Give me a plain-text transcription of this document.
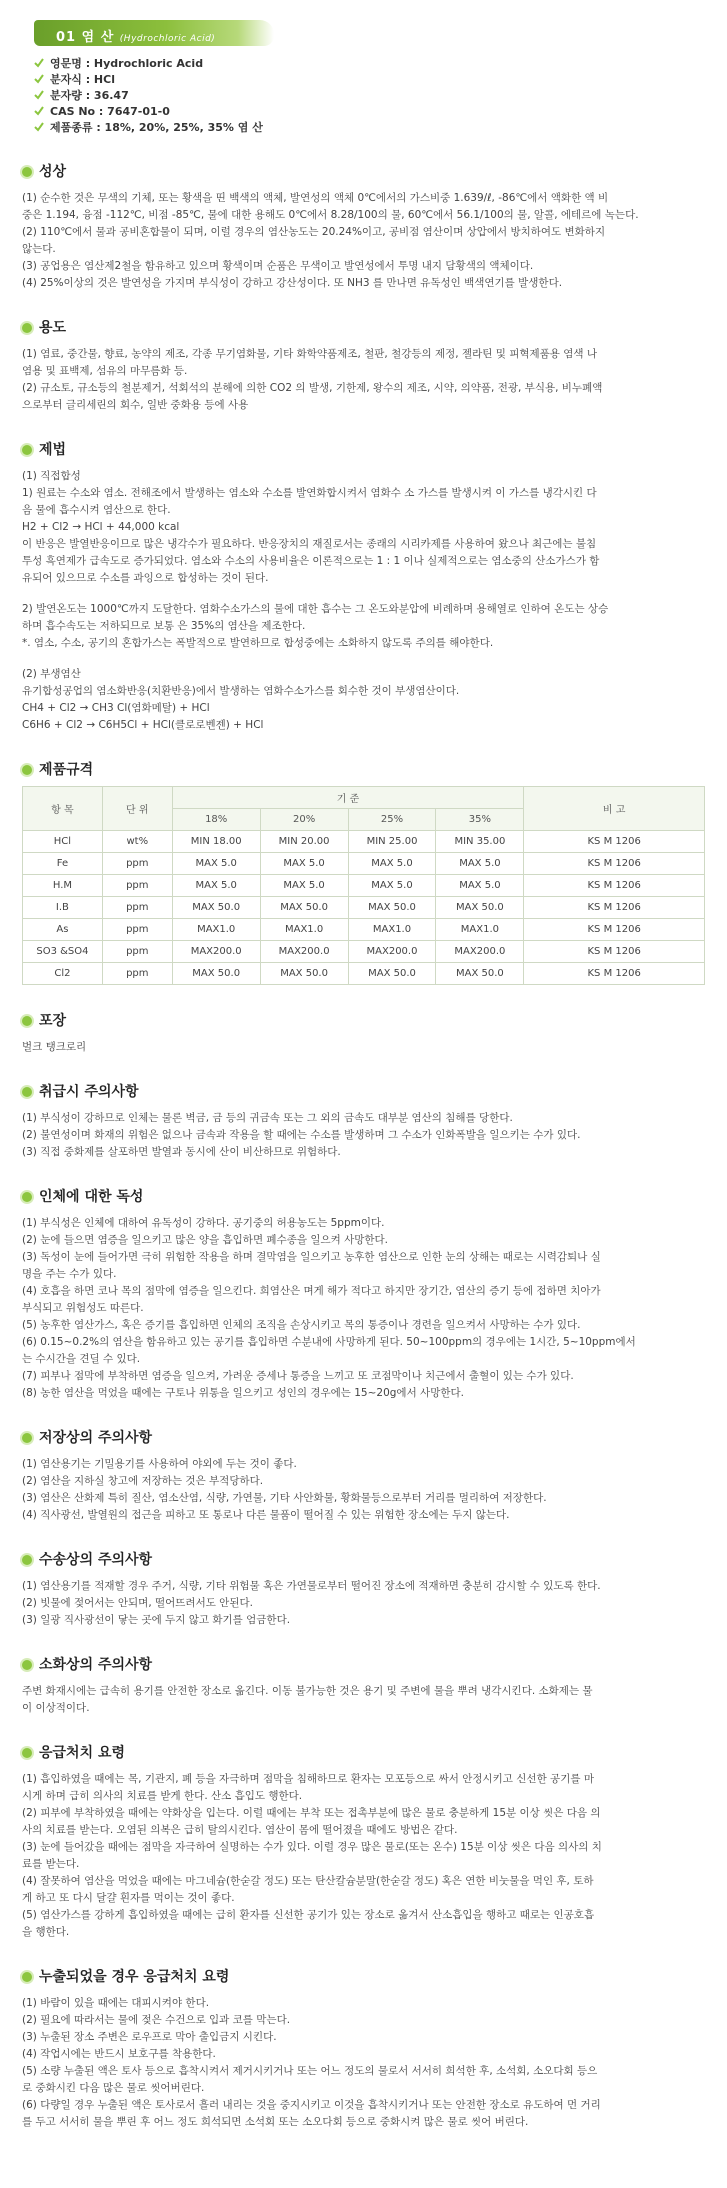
01 염 산 (Hydrochloric Acid)
영문명 : Hydrochloric Acid
분자식 : HCl
분자량 : 36.47
CAS No : 7647-01-0
제품종류 : 18%, 20%, 25%, 35% 염 산
성상
(1) 순수한 것은 무색의 기체, 또는 황색을 띤 백색의 액체, 발연성의 액체 0℃에서의 가스비중 1.639/ℓ, -86℃에서 액화한 액 비
중은 1.194, 융점 -112℃, 비점 -85℃, 물에 대한 용해도 0℃에서 8.28/100의 물, 60℃에서 56.1/100의 물, 알콜, 에테르에 녹는다.
(2) 110℃에서 물과 공비혼합물이 되며, 이럴 경우의 염산농도는 20.24%이고, 공비점 염산이며 상압에서 방치하여도 변화하지
않는다.
(3) 공업용은 염산제2철을 함유하고 있으며 황색이며 순품은 무색이고 발연성에서 투명 내지 담황색의 액체이다.
(4) 25%이상의 것은 발연성을 가지며 부식성이 강하고 강산성이다. 또 NH3 를 만나면 유독성인 백색연기를 발생한다.
용도
(1) 염료, 중간물, 향료, 농약의 제조, 각종 무기염화물, 기타 화학약품제조, 철판, 철강등의 제정, 젤라틴 및 피혁제품용 염색 나
염용 및 표백제, 섬유의 마무름화 등.
(2) 규소토, 규소등의 철분제거, 석회석의 분해에 의한 CO2 의 발생, 기한제, 왕수의 제조, 시약, 의약품, 전광, 부식용, 비누폐액
으로부터 글리세린의 회수, 일반 중화용 등에 사용
제법
(1) 직접합성
1) 원료는 수소와 염소. 전해조에서 발생하는 염소와 수소를 발연화합시켜서 염화수 소 가스를 발생시켜 이 가스를 냉각시킨 다
음 물에 흡수시켜 염산으로 한다.
H2 + Cl2 → HCl + 44,000 kcal
이 반응은 발열반응이므로 많은 냉각수가 필요하다. 반응장치의 재질로서는 종래의 시리카제를 사용하여 왔으나 최근에는 불침
투성 흑연제가 급속도로 증가되었다. 염소와 수소의 사용비율은 이론적으로는 1 : 1 이나 실제적으로는 염소중의 산소가스가 함
유되어 있으므로 수소를 과잉으로 합성하는 것이 된다.
2) 발연온도는 1000℃까지 도달한다. 염화수소가스의 물에 대한 흡수는 그 온도와분압에 비례하며 용해열로 인하여 온도는 상승
하며 흡수속도는 저하되므로 보통 은 35%의 염산을 제조한다.
*. 염소, 수소, 공기의 혼합가스는 폭발적으로 발연하므로 합성중에는 소화하지 않도록 주의를 해야한다.
(2) 부생염산
유기합성공업의 염소화반응(치환반응)에서 발생하는 염화수소가스를 회수한 것이 부생염산이다.
CH4 + Cl2 → CH3 Cl(염화메탈) + HCl
C6H6 + Cl2 → C6H5Cl + HCl(클로로벤젠) + HCl
제품규격
항 목	단 위	기 준				비 고
		18%	20%	25%	35%	
HCl	wt%	MIN 18.00	MIN 20.00	MIN 25.00	MIN 35.00	KS M 1206
Fe	ppm	MAX 5.0	MAX 5.0	MAX 5.0	MAX 5.0	KS M 1206
H.M	ppm	MAX 5.0	MAX 5.0	MAX 5.0	MAX 5.0	KS M 1206
I.B	ppm	MAX 50.0	MAX 50.0	MAX 50.0	MAX 50.0	KS M 1206
As	ppm	MAX1.0	MAX1.0	MAX1.0	MAX1.0	KS M 1206
SO3 &SO4	ppm	MAX200.0	MAX200.0	MAX200.0	MAX200.0	KS M 1206
Cl2	ppm	MAX 50.0	MAX 50.0	MAX 50.0	MAX 50.0	KS M 1206
포장
벌크 탱크로리
취급시 주의사항
(1) 부식성이 강하므로 인체는 물론 벽금, 금 등의 귀금속 또는 그 외의 금속도 대부분 염산의 침해를 당한다.
(2) 불연성이며 화재의 위험은 없으나 금속과 작용을 할 때에는 수소를 발생하며 그 수소가 인화폭발을 일으키는 수가 있다.
(3) 직접 중화제를 살포하면 발열과 동시에 산이 비산하므로 위험하다.
인체에 대한 독성
(1) 부식성은 인체에 대하여 유독성이 강하다. 공기중의 허용농도는 5ppm이다.
(2) 눈에 들으면 염증을 일으키고 많은 양을 흡입하면 폐수종을 일으켜 사망한다.
(3) 독성이 눈에 들어가면 극히 위험한 작용을 하며 결막염을 일으키고 농후한 염산으로 인한 눈의 상해는 때로는 시력감퇴나 실
명을 주는 수가 있다.
(4) 호흡을 하면 코나 목의 점막에 염증을 일으킨다. 희염산은 며게 해가 적다고 하지만 장기간, 염산의 증기 등에 접하면 치아가
부식되고 위험성도 따른다.
(5) 농후한 염산가스, 혹은 증기를 흡입하면 인체의 조직을 손상시키고 목의 통증이나 경련을 일으켜서 사망하는 수가 있다.
(6) 0.15~0.2%의 염산을 함유하고 있는 공기를 흡입하면 수분내에 사망하게 된다. 50~100ppm의 경우에는 1시간, 5~10ppm에서
는 수시간을 견딜 수 있다.
(7) 피부나 점막에 부착하면 염증을 일으켜, 가려운 증세나 통증을 느끼고 또 코점막이나 치근에서 출혈이 있는 수가 있다.
(8) 농한 염산을 먹었을 때에는 구토나 위통을 일으키고 성인의 경우에는 15~20g에서 사망한다.
저장상의 주의사항
(1) 염산용기는 기밀용기를 사용하여 야외에 두는 것이 좋다.
(2) 염산을 지하실 창고에 저장하는 것은 부적당하다.
(3) 염산은 산화제 특히 질산, 염소산염, 식량, 가연물, 기타 사안화물, 황화물등으로부터 거리를 멀리하여 저장한다.
(4) 직사광선, 발열원의 접근을 피하고 또 통로나 다른 물품이 떨어질 수 있는 위험한 장소에는 두지 않는다.
수송상의 주의사항
(1) 염산용기를 적재할 경우 주거, 식량, 기타 위험물 혹은 가연물로부터 떨어진 장소에 적재하면 충분히 감시할 수 있도록 한다.
(2) 빗물에 젖어서는 안되며, 떨어뜨려서도 안된다.
(3) 일광 직사광선이 닿는 곳에 두지 않고 화기를 엄금한다.
소화상의 주의사항
주변 화재시에는 급속히 용기를 안전한 장소로 옮긴다. 이동 불가능한 것은 용기 및 주변에 물을 뿌려 냉각시킨다. 소화제는 물
이 이상적이다.
응급처치 요령
(1) 흡입하였을 때에는 목, 기관지, 폐 등을 자극하며 점막을 침해하므로 환자는 모포등으로 싸서 안정시키고 신선한 공기를 마
시게 하며 급히 의사의 치료를 받게 한다. 산소 흡입도 행한다.
(2) 피부에 부착하였을 때에는 약화상을 입는다. 이럴 때에는 부착 또는 접촉부분에 많은 물로 충분하게 15분 이상 씻은 다음 의
사의 치료를 받는다. 오염된 의복은 급히 탈의시킨다. 염산이 몸에 떨어졌을 때에도 방법은 같다.
(3) 눈에 들어갔을 때에는 점막을 자극하여 실명하는 수가 있다. 이럴 경우 많은 물로(또는 온수) 15분 이상 씻은 다음 의사의 치
료를 받는다.
(4) 잘못하여 염산을 먹었을 때에는 마그네슘(한숟갈 정도) 또는 탄산칼슘분말(한숟갈 정도) 혹은 연한 비눗물을 먹인 후, 토하
게 하고 또 다시 달걀 흰자를 먹이는 것이 좋다.
(5) 염산가스를 강하게 흡입하였을 때에는 급히 환자를 신선한 공기가 있는 장소로 옮겨서 산소흡입을 행하고 때로는 인공호흡
을 행한다.
누출되었을 경우 응급처치 요령
(1) 바람이 있을 때에는 대피시켜야 한다.
(2) 필요에 따라서는 물에 젖은 수건으로 입과 코를 막는다.
(3) 누출된 장소 주변은 로우프로 막아 출입금지 시킨다.
(4) 작업시에는 반드시 보호구를 착용한다.
(5) 소량 누출된 액은 토사 등으로 흡착시켜서 제거시키거나 또는 어느 정도의 물로서 서서히 희석한 후, 소석회, 소오다회 등으
로 중화시킨 다음 많은 물로 씻어버린다.
(6) 다량일 경우 누출된 액은 토사로서 흘러 내리는 것을 중지시키고 이것을 흡착시키거나 또는 안전한 장소로 유도하여 먼 거리
를 두고 서서히 물을 뿌린 후 어느 정도 희석되면 소석회 또는 소오다회 등으로 중화시켜 많은 물로 씻어 버린다.
